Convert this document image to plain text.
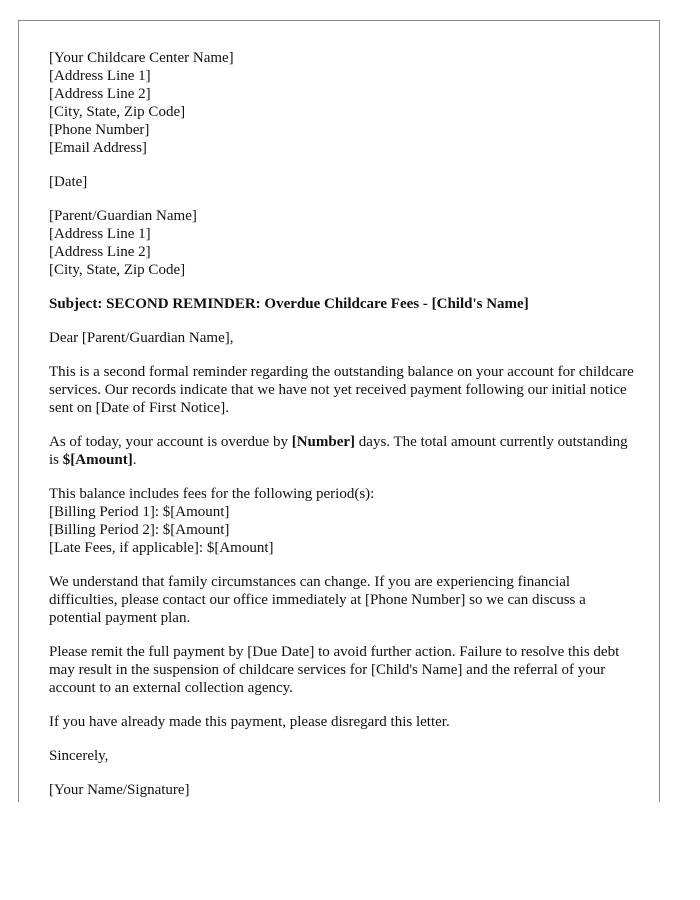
[Your Childcare Center Name]
[Address Line 1]
[Address Line 2]
[City, State, Zip Code]
[Phone Number]
[Email Address]
[Date]
[Parent/Guardian Name]
[Address Line 1]
[Address Line 2]
[City, State, Zip Code]

Subject: SECOND REMINDER: Overdue Childcare Fees - [Child's Name]

Dear [Parent/Guardian Name],

This is a second formal reminder regarding the outstanding balance on your account for childcare services. Our records indicate that we have not yet received payment following our initial notice sent on [Date of First Notice].

As of today, your account is overdue by [Number] days. The total amount currently outstanding is $[Amount].

This balance includes fees for the following period(s):
[Billing Period 1]: $[Amount]
[Billing Period 2]: $[Amount]
[Late Fees, if applicable]: $[Amount]

We understand that family circumstances can change. If you are experiencing financial difficulties, please contact our office immediately at [Phone Number] so we can discuss a potential payment plan.

Please remit the full payment by [Due Date] to avoid further action. Failure to resolve this debt may result in the suspension of childcare services for [Child's Name] and the referral of your account to an external collection agency.

If you have already made this payment, please disregard this letter.

Sincerely,

[Your Name/Signature]
